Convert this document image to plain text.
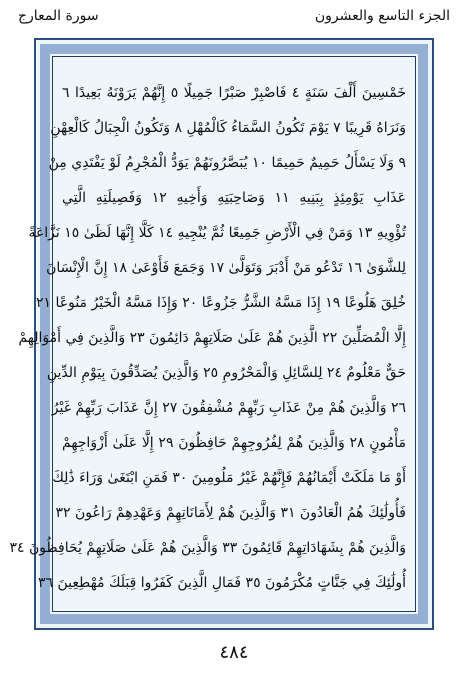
الجزء التاسع والعشرون
سورة المعارج
خَمْسِينَ أَلْفَ سَنَةٍ ٤ فَاصْبِرْ صَبْرًا جَمِيلًا ٥ إِنَّهُمْ يَرَوْنَهُ بَعِيدًا ٦
وَنَرَاهُ قَرِيبًا ٧ يَوْمَ تَكُونُ السَّمَاءُ كَالْمُهْلِ ٨ وَتَكُونُ الْجِبَالُ كَالْعِهْنِ
٩ وَلَا يَسْأَلُ حَمِيمٌ حَمِيمًا ١٠ يُبَصَّرُونَهُمْ يَوَدُّ الْمُجْرِمُ لَوْ يَفْتَدِي مِنْ
عَذَابِ يَوْمِئِذٍ بِبَنِيهِ ١١ وَصَاحِبَتِهِ وَأَخِيهِ ١٢ وَفَصِيلَتِهِ الَّتِي
تُؤْوِيهِ ١٣ وَمَنْ فِي الْأَرْضِ جَمِيعًا ثُمَّ يُنْجِيهِ ١٤ كَلَّا إِنَّهَا لَظَىٰ ١٥ نَزَّاعَةً
لِلشَّوَىٰ ١٦ تَدْعُو مَنْ أَدْبَرَ وَتَوَلَّىٰ ١٧ وَجَمَعَ فَأَوْعَىٰ ١٨ إِنَّ الْإِنْسَانَ
خُلِقَ هَلُوعًا ١٩ إِذَا مَسَّهُ الشَّرُّ جَزُوعًا ٢٠ وَإِذَا مَسَّهُ الْخَيْرُ مَنُوعًا ٢١
إِلَّا الْمُصَلِّينَ ٢٢ الَّذِينَ هُمْ عَلَىٰ صَلَاتِهِمْ دَائِمُونَ ٢٣ وَالَّذِينَ فِي أَمْوَالِهِمْ
حَقٌّ مَعْلُومٌ ٢٤ لِلسَّائِلِ وَالْمَحْرُومِ ٢٥ وَالَّذِينَ يُصَدِّقُونَ بِيَوْمِ الدِّينِ
٢٦ وَالَّذِينَ هُمْ مِنْ عَذَابِ رَبِّهِمْ مُشْفِقُونَ ٢٧ إِنَّ عَذَابَ رَبِّهِمْ غَيْرُ
مَأْمُونٍ ٢٨ وَالَّذِينَ هُمْ لِفُرُوجِهِمْ حَافِظُونَ ٢٩ إِلَّا عَلَىٰ أَزْوَاجِهِمْ
أَوْ مَا مَلَكَتْ أَيْمَانُهُمْ فَإِنَّهُمْ غَيْرُ مَلُومِينَ ٣٠ فَمَنِ ابْتَغَىٰ وَرَاءَ ذَٰلِكَ
فَأُولَٰئِكَ هُمُ الْعَادُونَ ٣١ وَالَّذِينَ هُمْ لِأَمَانَاتِهِمْ وَعَهْدِهِمْ رَاعُونَ ٣٢
وَالَّذِينَ هُمْ بِشَهَادَاتِهِمْ قَائِمُونَ ٣٣ وَالَّذِينَ هُمْ عَلَىٰ صَلَاتِهِمْ يُحَافِظُونَ ٣٤
أُولَٰئِكَ فِي جَنَّاتٍ مُكْرَمُونَ ٣٥ فَمَالِ الَّذِينَ كَفَرُوا قِبَلَكَ مُهْطِعِينَ ٣٦
٤٨٤
